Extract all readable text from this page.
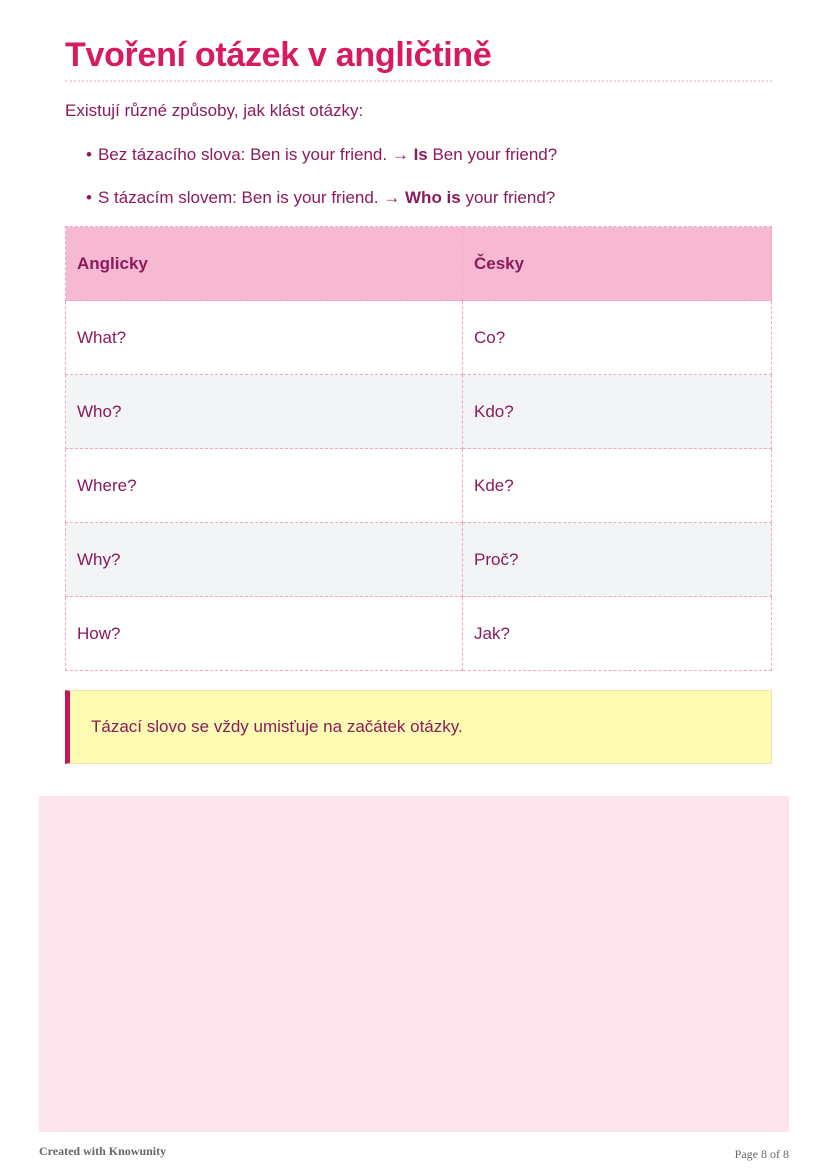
Tvoření otázek v angličtině
Existují různé způsoby, jak klást otázky:
• Bez tázacího slova: Ben is your friend. → Is Ben your friend?
• S tázacím slovem: Ben is your friend. → Who is your friend?
Anglicky	Česky
What?	Co?
Who?	Kdo?
Where?	Kde?
Why?	Proč?
How?	Jak?
Tázací slovo se vždy umisťuje na začátek otázky.
Created with Knowunity	Page 8 of 8
